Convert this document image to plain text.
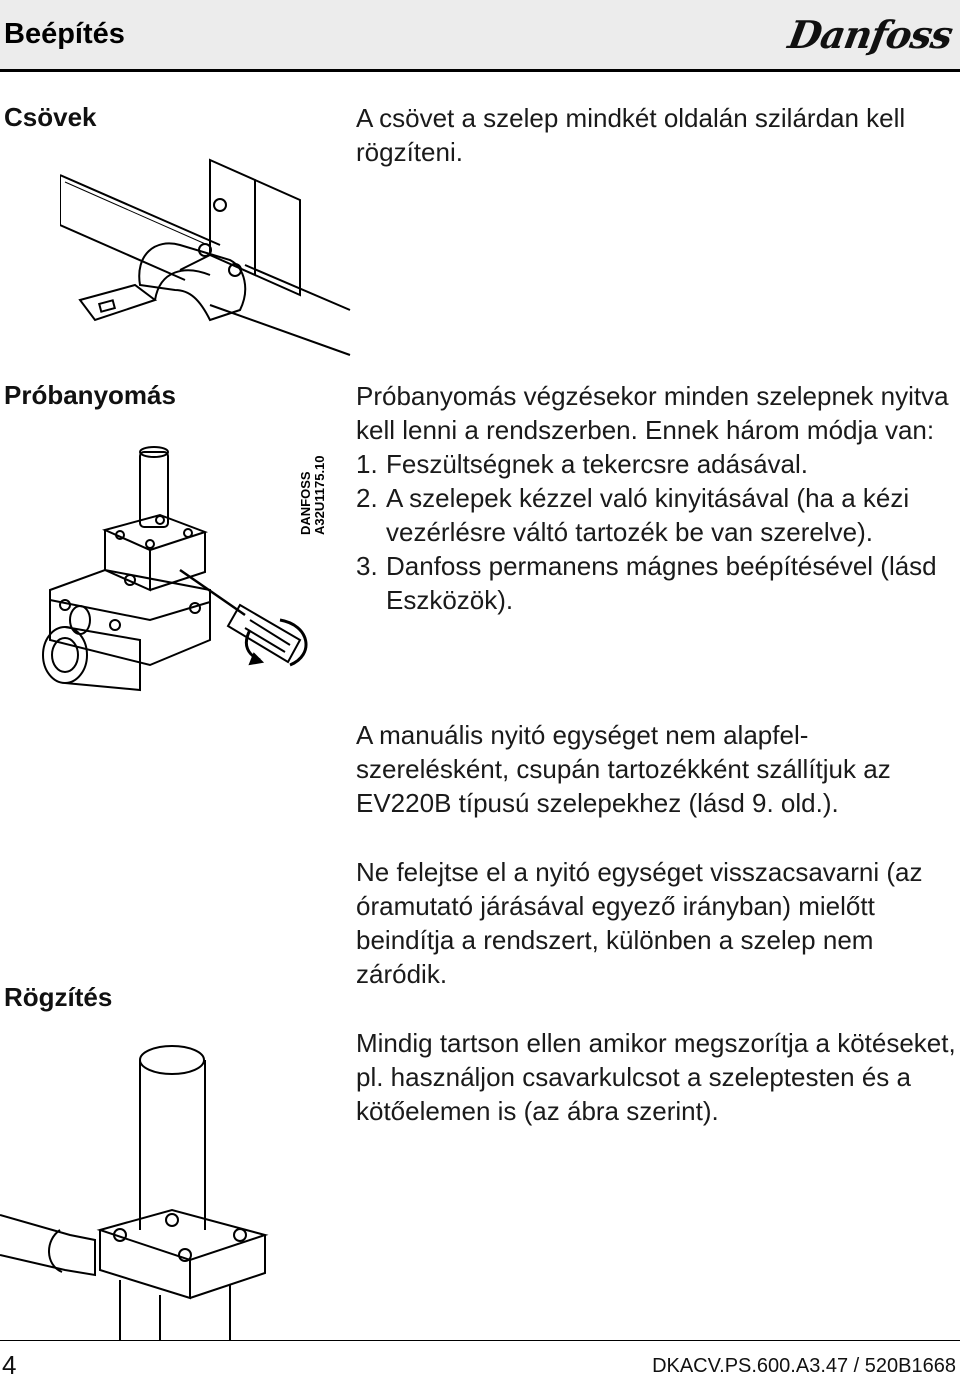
Beépítés	Danfoss
Csövek	A csövet a szelep mindkét oldalán szilárdan kell rögzíteni.

Próbanyomás	Próbanyomás végzésekor minden szelepnek nyitva kell lenni a rendszerben. Ennek három módja van:

1. Feszültségnek a tekercsre adásával.
2. A szelepek kézzel való kinyitásával (ha a kézi vezérlésre váltó tartozék be van szerelve).
3. Danfoss permanens mágnes beépítésével (lásd Eszközök).

A manuális nyitó egységet nem alapfel-szerelésként, csupán tartozékként szállítjuk az EV220B típusú szelepekhez (lásd 9. old.).

Ne felejtse el a nyitó egységet visszacsavarni (az óramutató járásával egyező irányban) mielőtt beindítja a rendszert, különben a szelep nem záródik.

DANFOSS A32U1175.10
Rögzítés

Mindig tartson ellen amikor megszorítja a kötéseket, pl. használjon csavarkulcsot a szeleptesten és a kötőelemen is (az ábra szerint).

4	DKACV.PS.600.A3.47 / 520B1668
